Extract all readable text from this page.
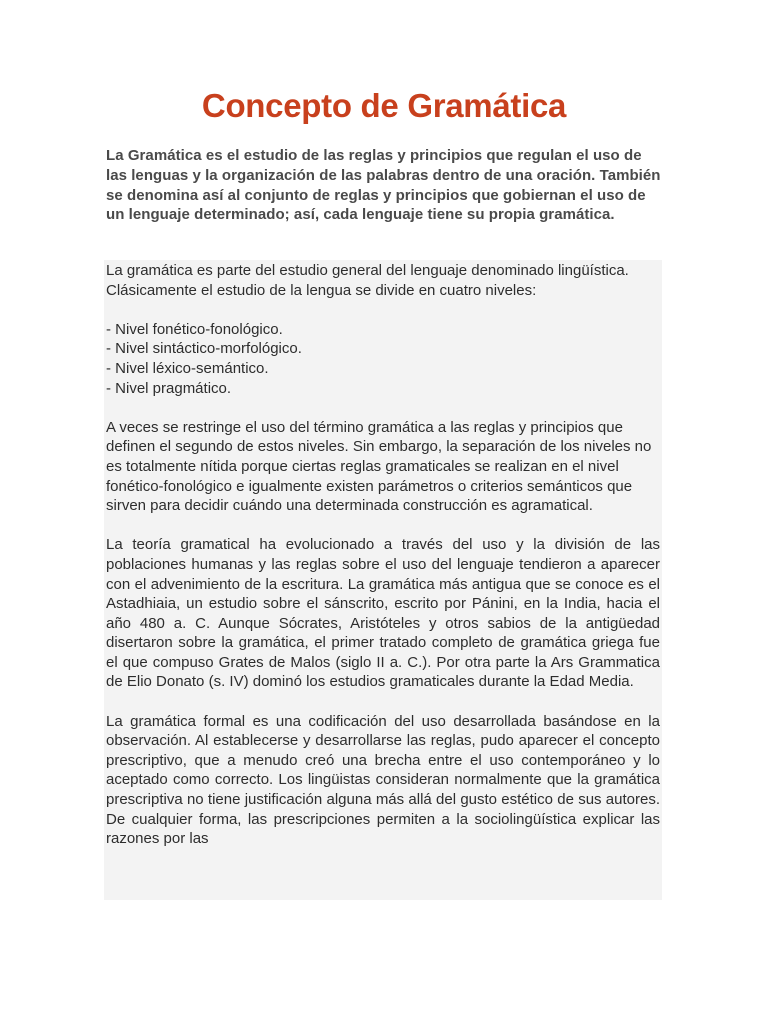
Concepto de Gramática
La Gramática es el estudio de las reglas y principios que regulan el uso de las lenguas y la organización de las palabras dentro de una oración. También se denomina así al conjunto de reglas y principios que gobiernan el uso de un lenguaje determinado; así, cada lenguaje tiene su propia gramática.
La gramática es parte del estudio general del lenguaje denominado lingüística. Clásicamente el estudio de la lengua se divide en cuatro niveles:
- Nivel fonético-fonológico.
- Nivel sintáctico-morfológico.
- Nivel léxico-semántico.
- Nivel pragmático.
A veces se restringe el uso del término gramática a las reglas y principios que definen el segundo de estos niveles. Sin embargo, la separación de los niveles no es totalmente nítida porque ciertas reglas gramaticales se realizan en el nivel fonético-fonológico e igualmente existen parámetros o criterios semánticos que sirven para decidir cuándo una determinada construcción es agramatical.
La teoría gramatical ha evolucionado a través del uso y la división de las poblaciones humanas y las reglas sobre el uso del lenguaje tendieron a aparecer con el advenimiento de la escritura. La gramática más antigua que se conoce es el Astadhiaia, un estudio sobre el sánscrito, escrito por Pánini, en la India, hacia el año 480 a. C. Aunque Sócrates, Aristóteles y otros sabios de la antigüedad disertaron sobre la gramática, el primer tratado completo de gramática griega fue el que compuso Grates de Malos (siglo II a. C.). Por otra parte la Ars Grammatica de Elio Donato (s. IV) dominó los estudios gramaticales durante la Edad Media.
La gramática formal es una codificación del uso desarrollada basándose en la observación. Al establecerse y desarrollarse las reglas, pudo aparecer el concepto prescriptivo, que a menudo creó una brecha entre el uso contemporáneo y lo aceptado como correcto. Los lingüistas consideran normalmente que la gramática prescriptiva no tiene justificación alguna más allá del gusto estético de sus autores. De cualquier forma, las prescripciones permiten a la sociolingüística explicar las razones por las
